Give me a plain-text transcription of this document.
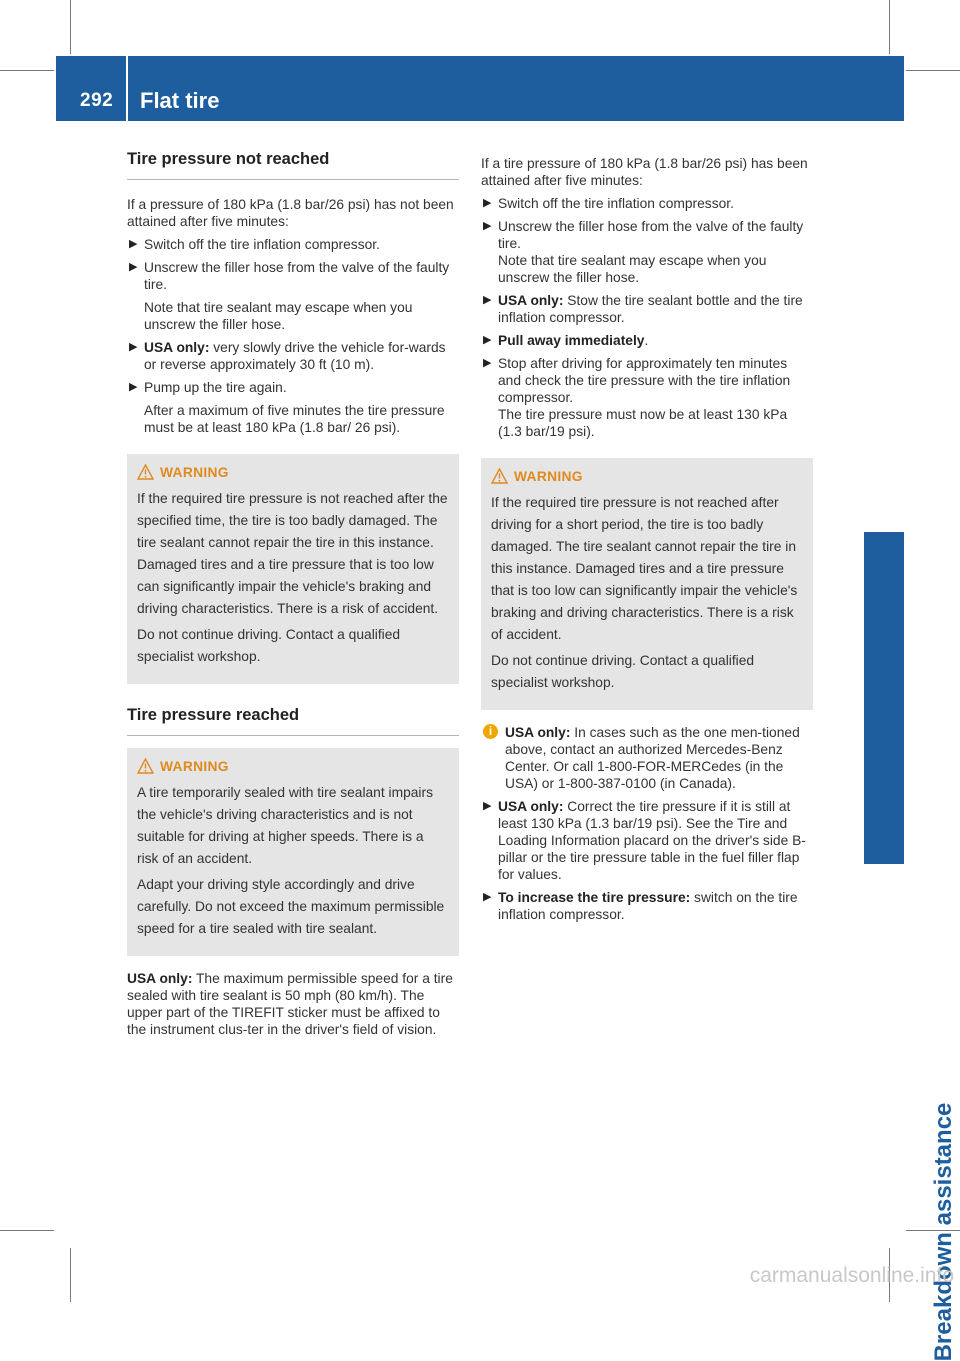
292 Flat tire
Breakdown assistance
Tire pressure not reached

If a pressure of 180 kPa (1.8 bar/26 psi) has not been attained after five minutes:

▶ Switch off the tire inflation compressor.
▶ Unscrew the filler hose from the valve of the faulty tire.
Note that tire sealant may escape when you unscrew the filler hose.
▶ USA only: very slowly drive the vehicle for-wards or reverse approximately 30 ft (10 m).
▶ Pump up the tire again.
After a maximum of five minutes the tire pressure must be at least 180 kPa (1.8 bar/ 26 psi).
WARNING

If the required tire pressure is not reached after the specified time, the tire is too badly damaged. The tire sealant cannot repair the tire in this instance. Damaged tires and a tire pressure that is too low can significantly impair the vehicle's braking and driving characteristics. There is a risk of accident.

Do not continue driving. Contact a qualified specialist workshop.

Tire pressure reached
WARNING

A tire temporarily sealed with tire sealant impairs the vehicle's driving characteristics and is not suitable for driving at higher speeds. There is a risk of an accident.

Adapt your driving style accordingly and drive carefully. Do not exceed the maximum permissible speed for a tire sealed with tire sealant.

USA only: The maximum permissible speed for a tire sealed with tire sealant is 50 mph (80 km/h). The upper part of the TIREFIT sticker must be affixed to the instrument clus-ter in the driver's field of vision.

If a tire pressure of 180 kPa (1.8 bar/26 psi) has been attained after five minutes:

▶ Switch off the tire inflation compressor.
▶ Unscrew the filler hose from the valve of the faulty tire.
Note that tire sealant may escape when you unscrew the filler hose.
▶ USA only: Stow the tire sealant bottle and the tire inflation compressor.
▶ Pull away immediately.
▶ Stop after driving for approximately ten minutes and check the tire pressure with the tire inflation compressor.
The tire pressure must now be at least 130 kPa (1.3 bar/19 psi).
WARNING

If the required tire pressure is not reached after driving for a short period, the tire is too badly damaged. The tire sealant cannot repair the tire in this instance. Damaged tires and a tire pressure that is too low can significantly impair the vehicle's braking and driving characteristics. There is a risk of accident.

Do not continue driving. Contact a qualified specialist workshop.

i USA only: In cases such as the one men-tioned above, contact an authorized Mercedes-Benz Center. Or call 1-800-FOR-MERCedes (in the USA) or 1-800-387-0100 (in Canada).
▶ USA only: Correct the tire pressure if it is still at least 130 kPa (1.3 bar/19 psi). See the Tire and Loading Information placard on the driver's side B-pillar or the tire pressure table in the fuel filler flap for values.
▶ To increase the tire pressure: switch on the tire inflation compressor.
carmanualsonline.info
